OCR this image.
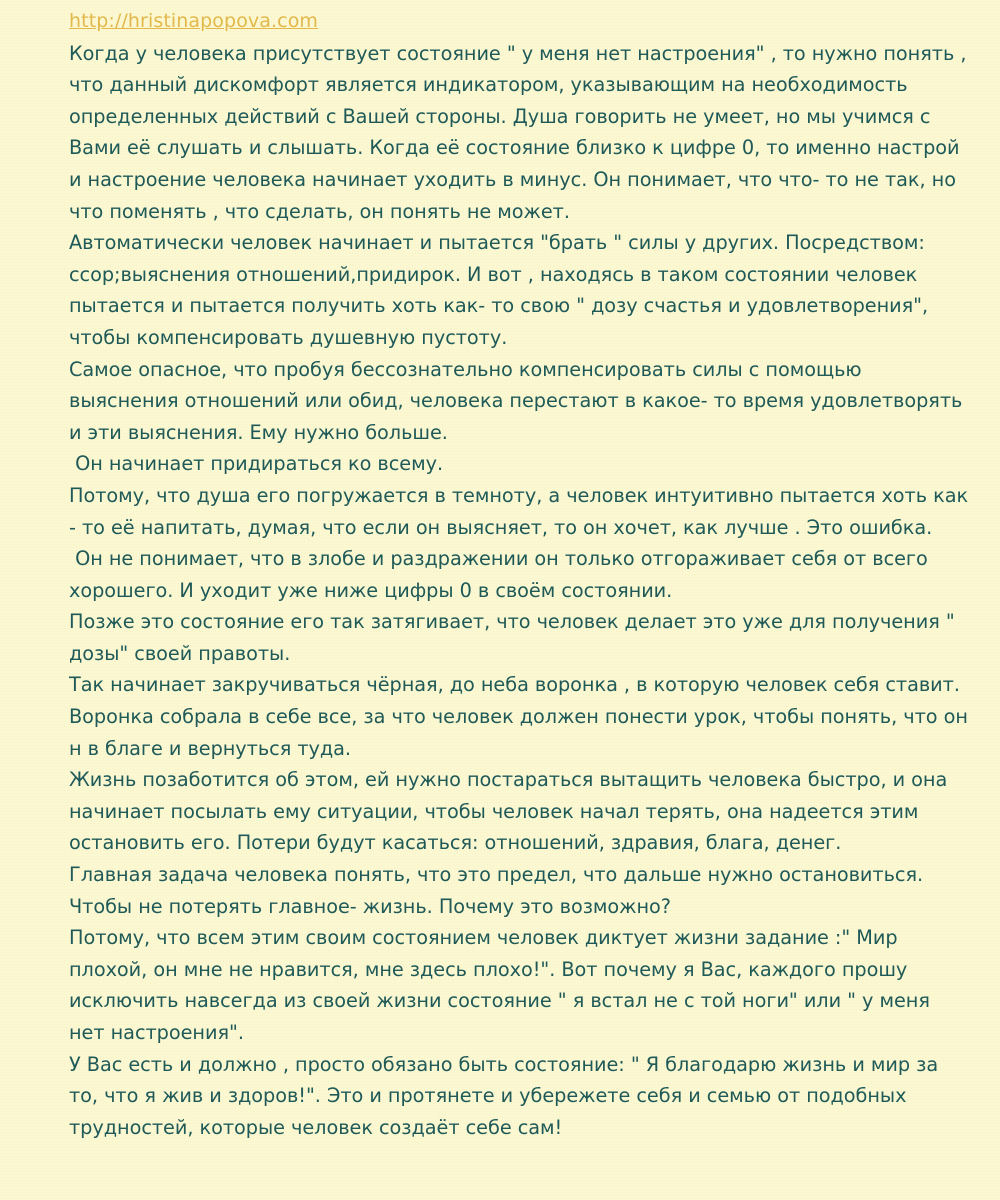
http://hristinapopova.com

Когда у человека присутствует состояние " у меня нет настроения" , то нужно понять , что данный дискомфорт является индикатором, указывающим на необходимость определенных действий с Вашей стороны. Душа говорить не умеет, но мы учимся с Вами её слушать и слышать. Когда её состояние близко к цифре 0, то именно настрой и настроение человека начинает уходить в минус. Он понимает, что что- то не так, но что поменять , что сделать, он понять не может.

Автоматически человек начинает и пытается "брать " силы у других. Посредством: ссор;выяснения отношений,придирок. И вот , находясь в таком состоянии человек пытается и пытается получить хоть как- то свою " дозу счастья и удовлетворения", чтобы компенсировать душевную пустоту.

Самое опасное, что пробуя бессознательно компенсировать силы с помощью выяснения отношений или обид, человека перестают в какое- то время удовлетворять и эти выяснения. Ему нужно больше.

Он начинает придираться ко всему.

Потому, что душа его погружается в темноту, а человек интуитивно пытается хоть как - то её напитать, думая, что если он выясняет, то он хочет, как лучше . Это ошибка.

Он не понимает, что в злобе и раздражении он только отгораживает себя от всего хорошего. И уходит уже ниже цифры 0 в своём состоянии.

Позже это состояние его так затягивает, что человек делает это уже для получения " дозы" своей правоты.

Так начинает закручиваться чёрная, до неба воронка , в которую человек себя ставит. Воронка собрала в себе все, за что человек должен понести урок, чтобы понять, что он н в благе и вернуться туда.

Жизнь позаботится об этом, ей нужно постараться вытащить человека быстро, и она начинает посылать ему ситуации, чтобы человек начал терять, она надеется этим остановить его. Потери будут касаться: отношений, здравия, блага, денег.

Главная задача человека понять, что это предел, что дальше нужно остановиться. Чтобы не потерять главное- жизнь. Почему это возможно?

Потому, что всем этим своим состоянием человек диктует жизни задание :" Мир плохой, он мне не нравится, мне здесь плохо!". Вот почему я Вас, каждого прошу исключить навсегда из своей жизни состояние " я встал не с той ноги" или " у меня нет настроения".

У Вас есть и должно , просто обязано быть состояние: " Я благодарю жизнь и мир за то, что я жив и здоров!". Это и протянете и убережете себя и семью от подобных трудностей, которые человек создаёт себе сам!
